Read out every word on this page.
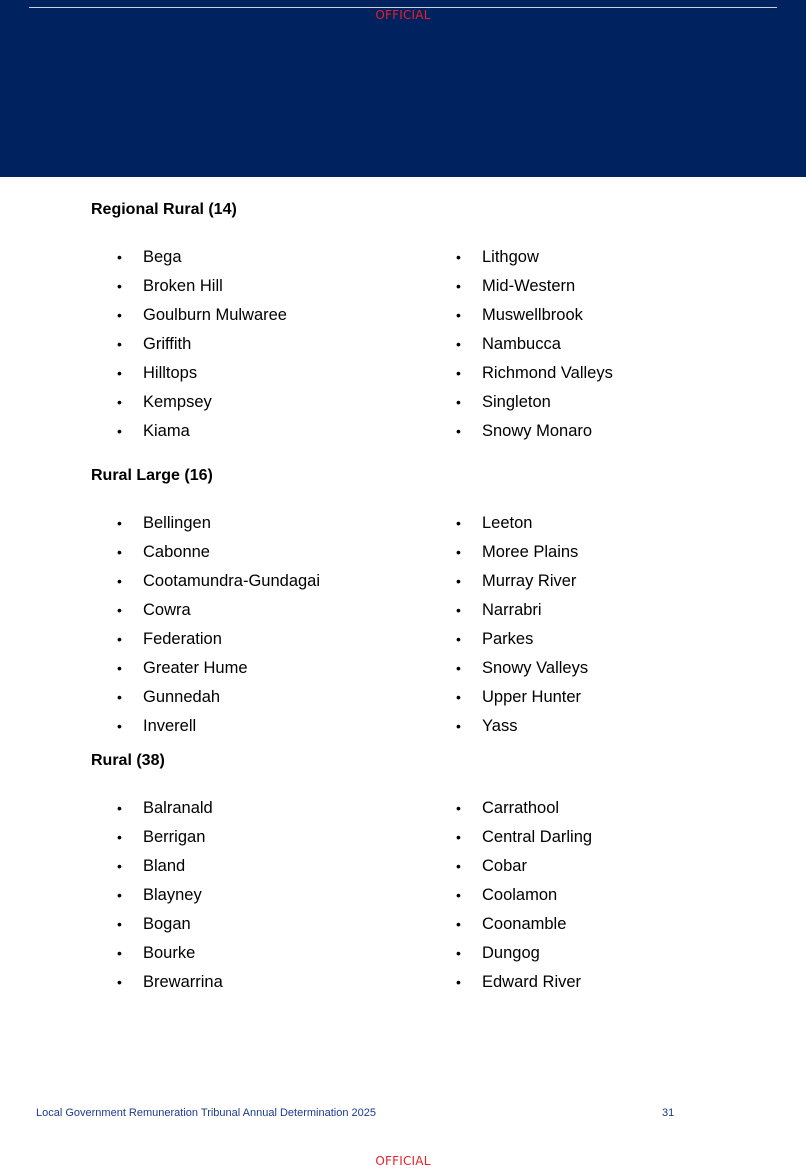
OFFICIAL
Regional Rural (14)
• Bega
• Broken Hill
• Goulburn Mulwaree
• Griffith
• Hilltops
• Kempsey
• Kiama
• Lithgow
• Mid-Western
• Muswellbrook
• Nambucca
• Richmond Valleys
• Singleton
• Snowy Monaro
Rural Large (16)
• Bellingen
• Cabonne
• Cootamundra-Gundagai
• Cowra
• Federation
• Greater Hume
• Gunnedah
• Inverell
• Leeton
• Moree Plains
• Murray River
• Narrabri
• Parkes
• Snowy Valleys
• Upper Hunter
• Yass
Rural (38)
• Balranald
• Berrigan
• Bland
• Blayney
• Bogan
• Bourke
• Brewarrina
• Carrathool
• Central Darling
• Cobar
• Coolamon
• Coonamble
• Dungog
• Edward River
Local Government Remuneration Tribunal Annual Determination 2025	31
OFFICIAL
